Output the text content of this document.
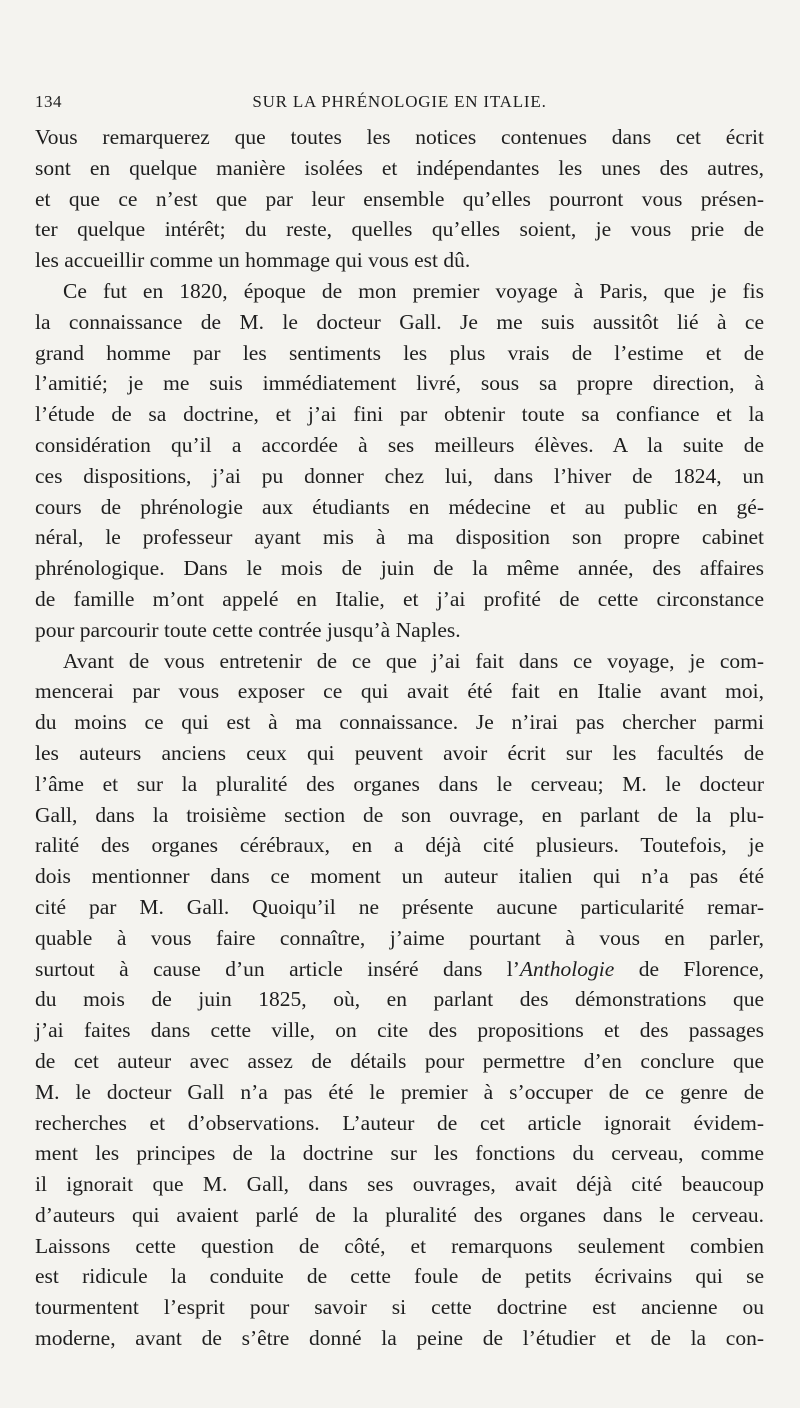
134	SUR LA PHRÉNOLOGIE EN ITALIE.

Vous remarquerez que toutes les notices contenues dans cet écrit
sont en quelque manière isolées et indépendantes les unes des autres,
et que ce n’est que par leur ensemble qu’elles pourront vous présen-
ter quelque intérêt; du reste, quelles qu’elles soient, je vous prie de
les accueillir comme un hommage qui vous est dû.

Ce fut en 1820, époque de mon premier voyage à Paris, que je fis
la connaissance de M. le docteur Gall. Je me suis aussitôt lié à ce
grand homme par les sentiments les plus vrais de l’estime et de
l’amitié; je me suis immédiatement livré, sous sa propre direction, à
l’étude de sa doctrine, et j’ai fini par obtenir toute sa confiance et la
considération qu’il a accordée à ses meilleurs élèves. A la suite de
ces dispositions, j’ai pu donner chez lui, dans l’hiver de 1824, un
cours de phrénologie aux étudiants en médecine et au public en gé-
néral, le professeur ayant mis à ma disposition son propre cabinet
phrénologique. Dans le mois de juin de la même année, des affaires
de famille m’ont appelé en Italie, et j’ai profité de cette circonstance
pour parcourir toute cette contrée jusqu’à Naples.

Avant de vous entretenir de ce que j’ai fait dans ce voyage, je com-
mencerai par vous exposer ce qui avait été fait en Italie avant moi,
du moins ce qui est à ma connaissance. Je n’irai pas chercher parmi
les auteurs anciens ceux qui peuvent avoir écrit sur les facultés de
l’âme et sur la pluralité des organes dans le cerveau; M. le docteur
Gall, dans la troisième section de son ouvrage, en parlant de la plu-
ralité des organes cérébraux, en a déjà cité plusieurs. Toutefois, je
dois mentionner dans ce moment un auteur italien qui n’a pas été
cité par M. Gall. Quoiqu’il ne présente aucune particularité remar-
quable à vous faire connaître, j’aime pourtant à vous en parler,
surtout à cause d’un article inséré dans l’Anthologie de Florence,
du mois de juin 1825, où, en parlant des démonstrations que
j’ai faites dans cette ville, on cite des propositions et des passages
de cet auteur avec assez de détails pour permettre d’en conclure que
M. le docteur Gall n’a pas été le premier à s’occuper de ce genre de
recherches et d’observations. L’auteur de cet article ignorait évidem-
ment les principes de la doctrine sur les fonctions du cerveau, comme
il ignorait que M. Gall, dans ses ouvrages, avait déjà cité beaucoup
d’auteurs qui avaient parlé de la pluralité des organes dans le cerveau.
Laissons cette question de côté, et remarquons seulement combien
est ridicule la conduite de cette foule de petits écrivains qui se
tourmentent l’esprit pour savoir si cette doctrine est ancienne ou
moderne, avant de s’être donné la peine de l’étudier et de la con-
